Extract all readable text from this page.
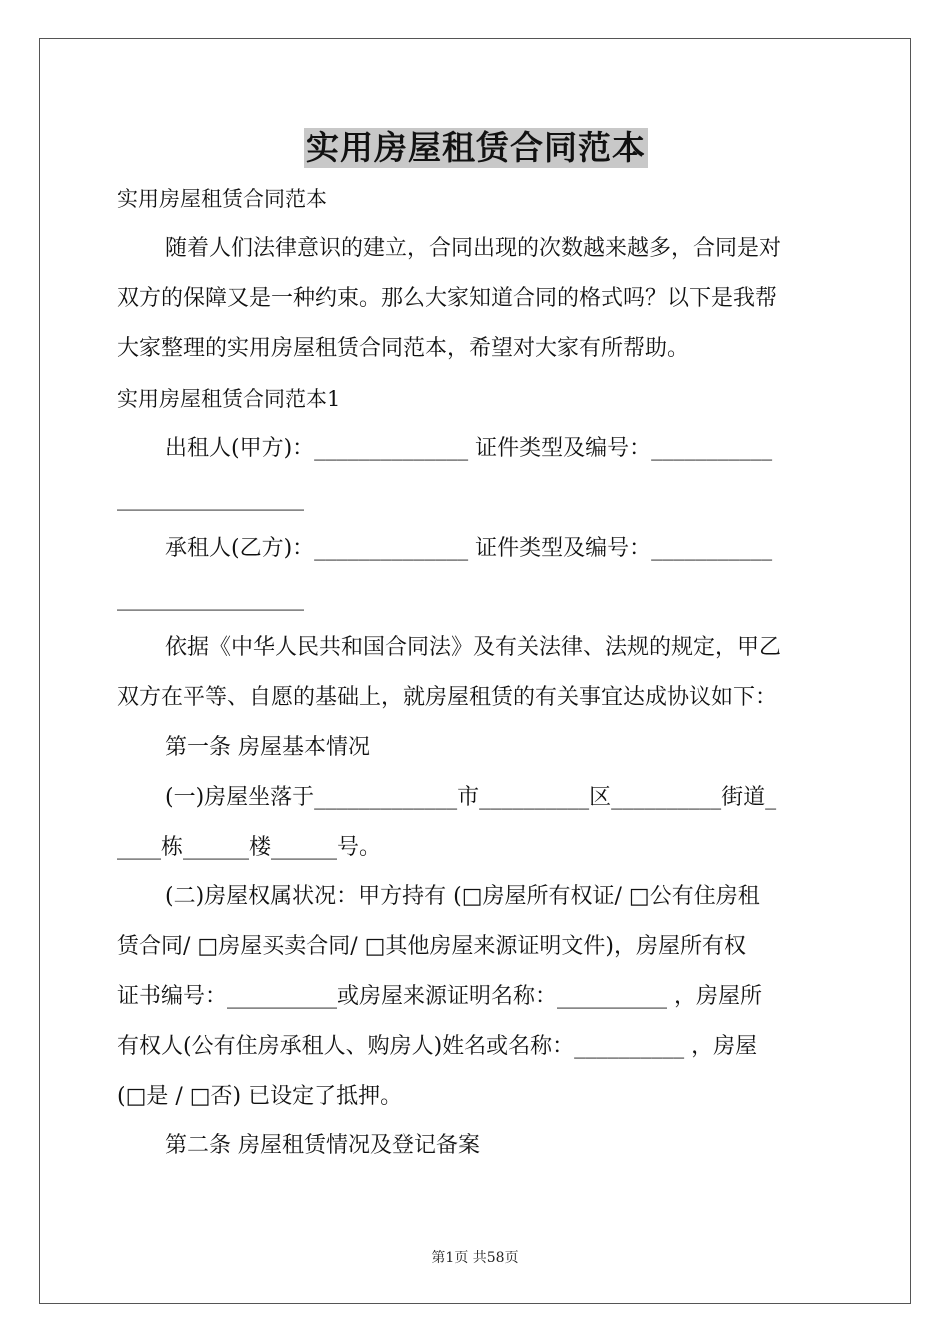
实用房屋租赁合同范本
实用房屋租赁合同范本
随着人们法律意识的建立，合同出现的次数越来越多，合同是对
双方的保障又是一种约束。那么大家知道合同的格式吗？以下是我帮
大家整理的实用房屋租赁合同范本，希望对大家有所帮助。
实用房屋租赁合同范本1
出租人(甲方)：______________ 证件类型及编号：___________
_________________
承租人(乙方)：______________ 证件类型及编号：___________
_________________
依据《中华人民共和国合同法》及有关法律、法规的规定，甲乙
双方在平等、自愿的基础上，就房屋租赁的有关事宜达成协议如下：
第一条 房屋基本情况
(一)房屋坐落于_____________市__________区__________街道_
____栋______楼______号。
(二)房屋权属状况：甲方持有 (□房屋所有权证/ □公有住房租
赁合同/ □房屋买卖合同/ □其他房屋来源证明文件)，房屋所有权
证书编号：__________或房屋来源证明名称：__________ ，房屋所
有权人(公有住房承租人、购房人)姓名或名称：__________ ，房屋
(□是 / □否) 已设定了抵押。
第二条 房屋租赁情况及登记备案
第1页 共58页
